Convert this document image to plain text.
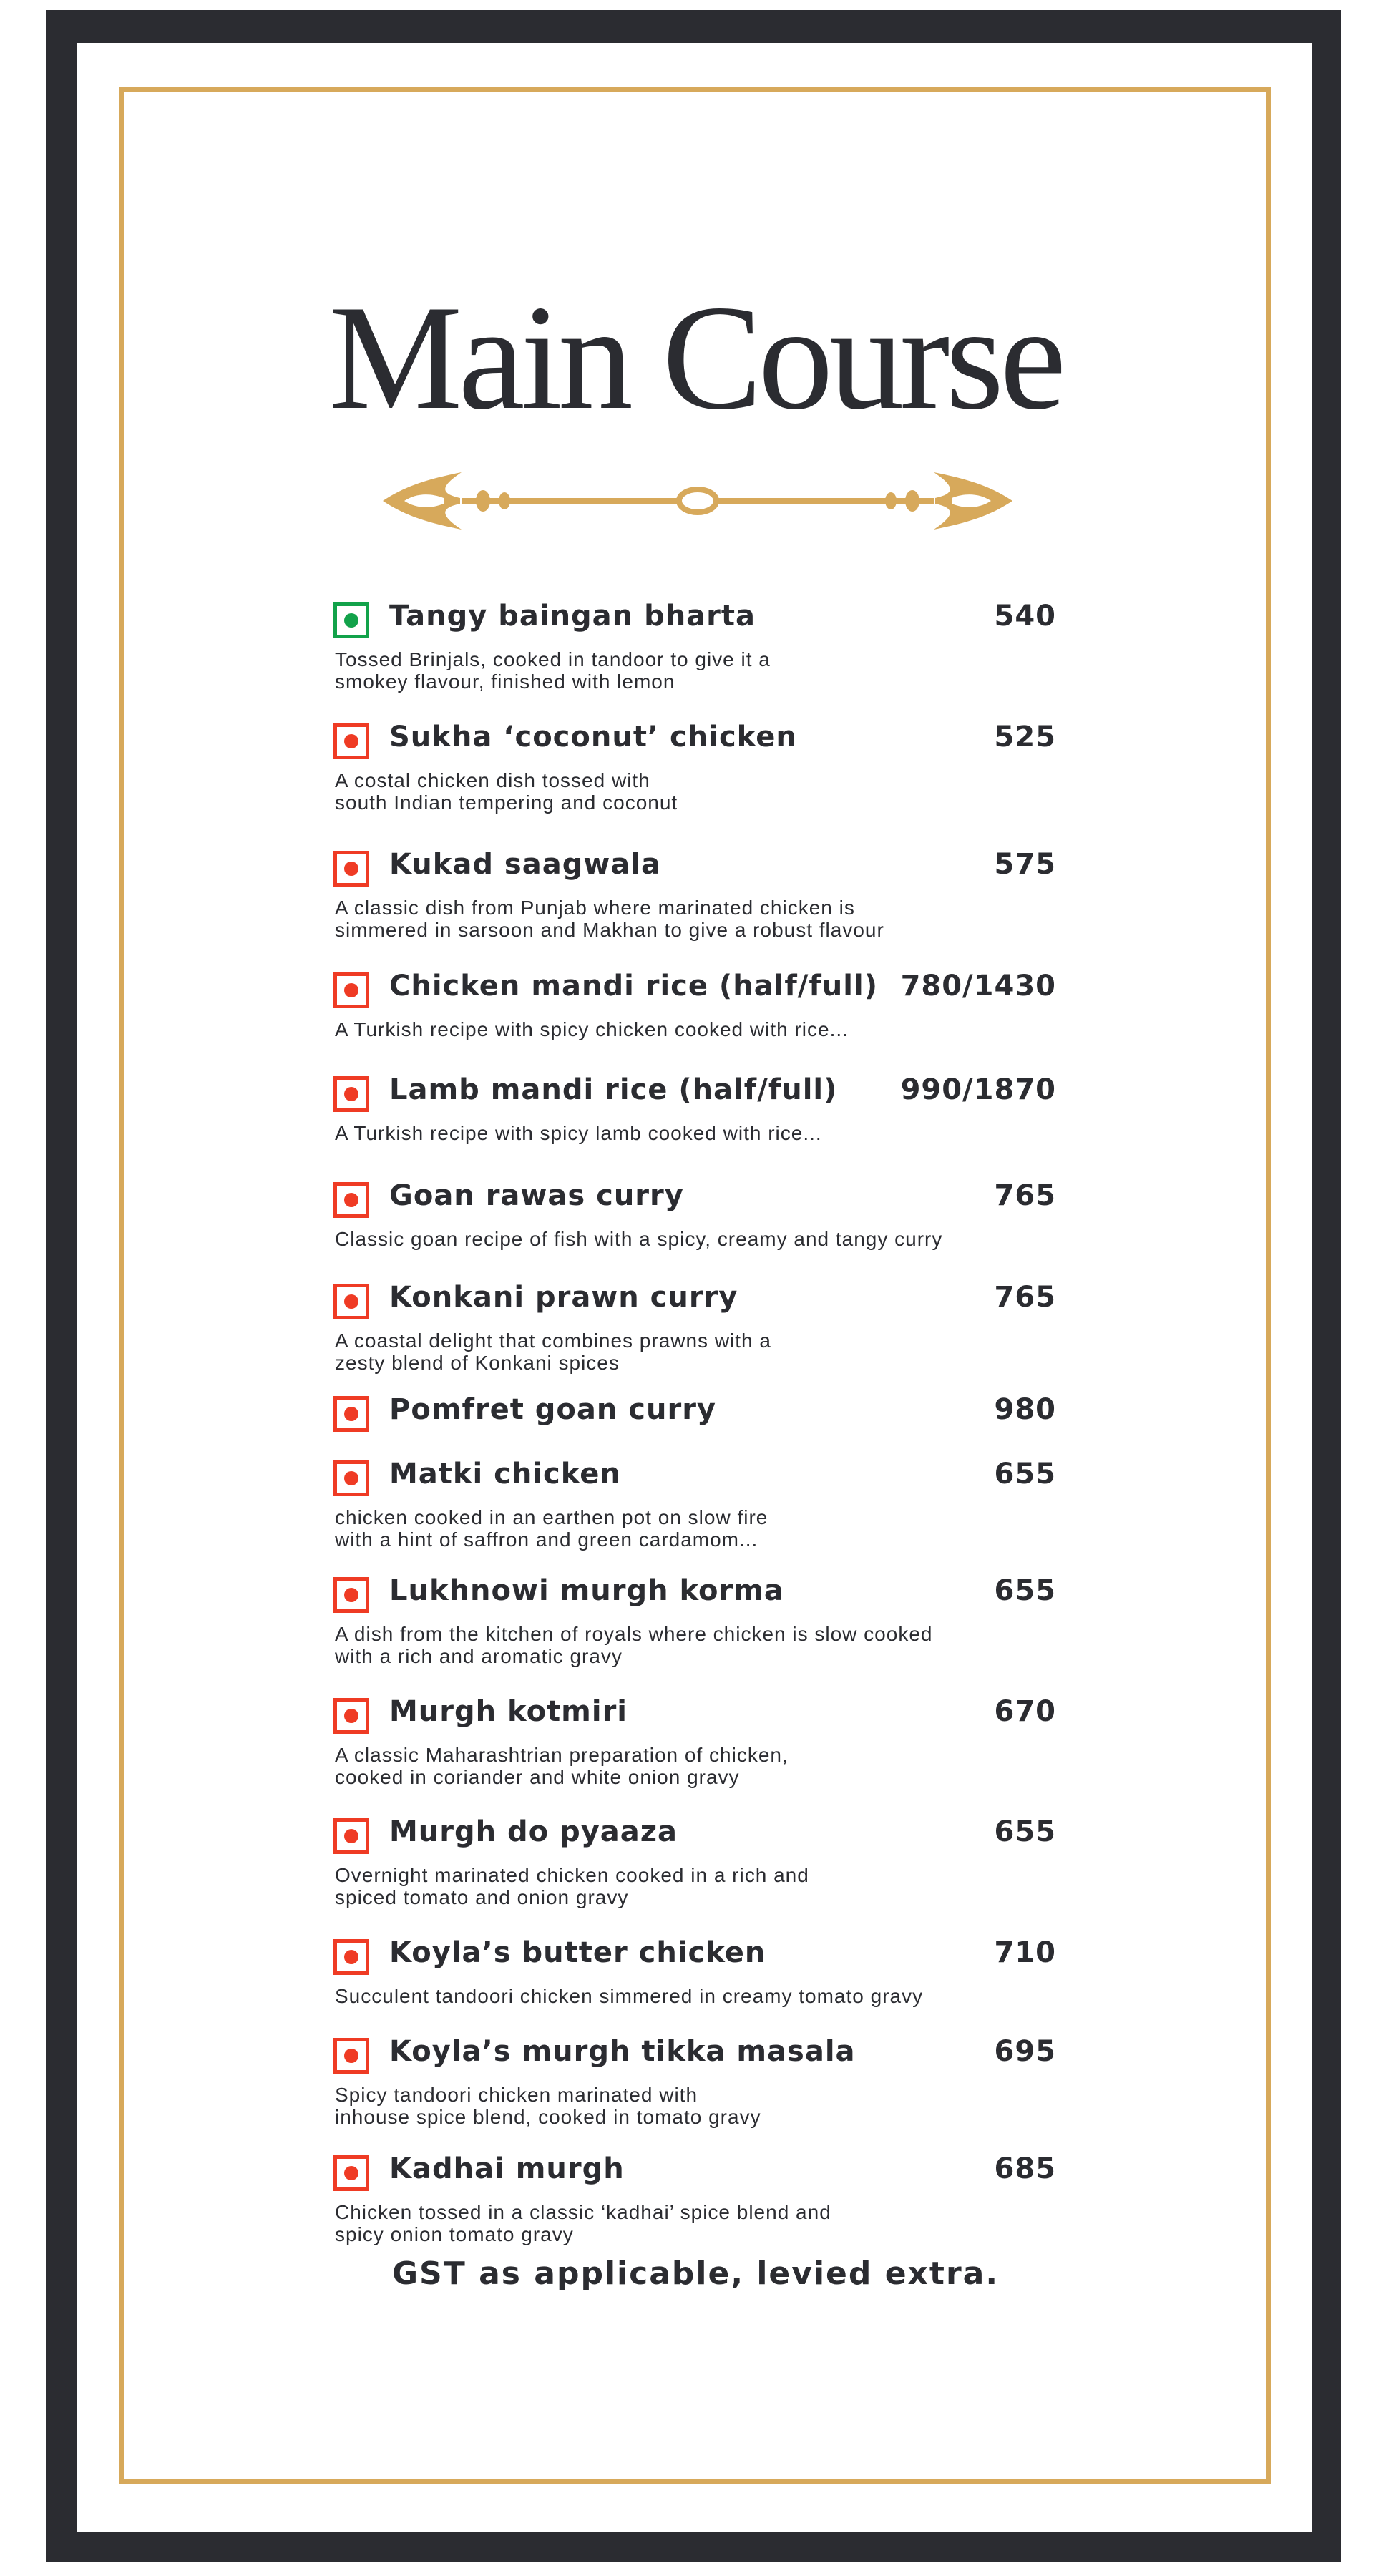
Main Course
Tangy baingan bharta	540
Tossed Brinjals, cooked in tandoor to give it a
smokey flavour, finished with lemon
Sukha ‘coconut’ chicken	525
A costal chicken dish tossed with
south Indian tempering and coconut
Kukad saagwala	575
A classic dish from Punjab where marinated chicken is
simmered in sarsoon and Makhan to give a robust flavour
Chicken mandi rice (half/full) 780/1430
A Turkish recipe with spicy chicken cooked with rice...
Lamb mandi rice (half/full) 990/1870
A Turkish recipe with spicy lamb cooked with rice...
Goan rawas curry	765
Classic goan recipe of fish with a spicy, creamy and tangy curry
Konkani prawn curry	765
A coastal delight that combines prawns with a
zesty blend of Konkani spices
Pomfret goan curry	980
Matki chicken	655
chicken cooked in an earthen pot on slow fire
with a hint of saffron and green cardamom...
Lukhnowi murgh korma	655
A dish from the kitchen of royals where chicken is slow cooked
with a rich and aromatic gravy
Murgh kotmiri	670
A classic Maharashtrian preparation of chicken,
cooked in coriander and white onion gravy
Murgh do pyaaza	655
Overnight marinated chicken cooked in a rich and
spiced tomato and onion gravy
Koyla’s butter chicken	710
Succulent tandoori chicken simmered in creamy tomato gravy
Koyla’s murgh tikka masala	695
Spicy tandoori chicken marinated with
inhouse spice blend, cooked in tomato gravy
Kadhai murgh	685
Chicken tossed in a classic ‘kadhai’ spice blend and
spicy onion tomato gravy
GST as applicable, levied extra.
